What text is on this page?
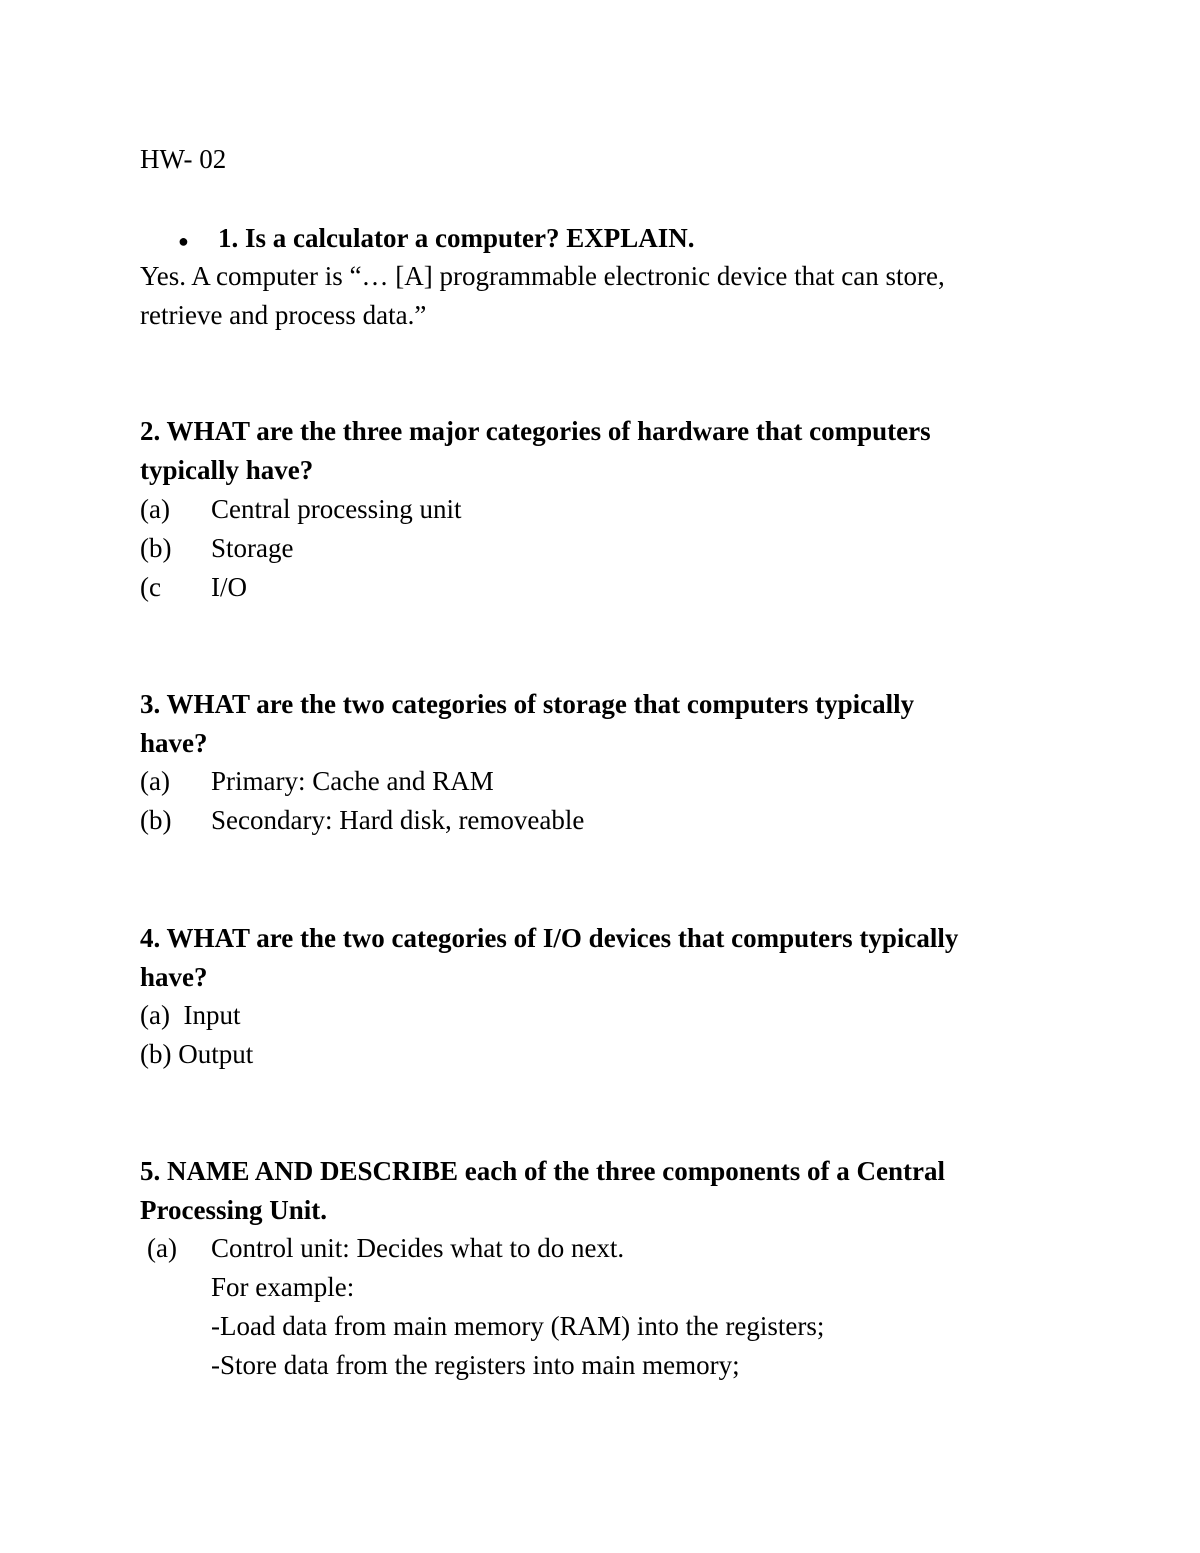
HW- 02
● 1. Is a calculator a computer? EXPLAIN.
Yes. A computer is “… [A] programmable electronic device that can store,
retrieve and process data.”
2. WHAT are the three major categories of hardware that computers
typically have?
(a) Central processing unit
(b) Storage
(c I/O
3. WHAT are the two categories of storage that computers typically
have?
(a) Primary: Cache and RAM
(b) Secondary: Hard disk, removeable
4. WHAT are the two categories of I/O devices that computers typically
have?
(a)  Input
(b) Output
5. NAME AND DESCRIBE each of the three components of a Central
Processing Unit.
(a) Control unit: Decides what to do next.
For example:
-Load data from main memory (RAM) into the registers;
-Store data from the registers into main memory;
